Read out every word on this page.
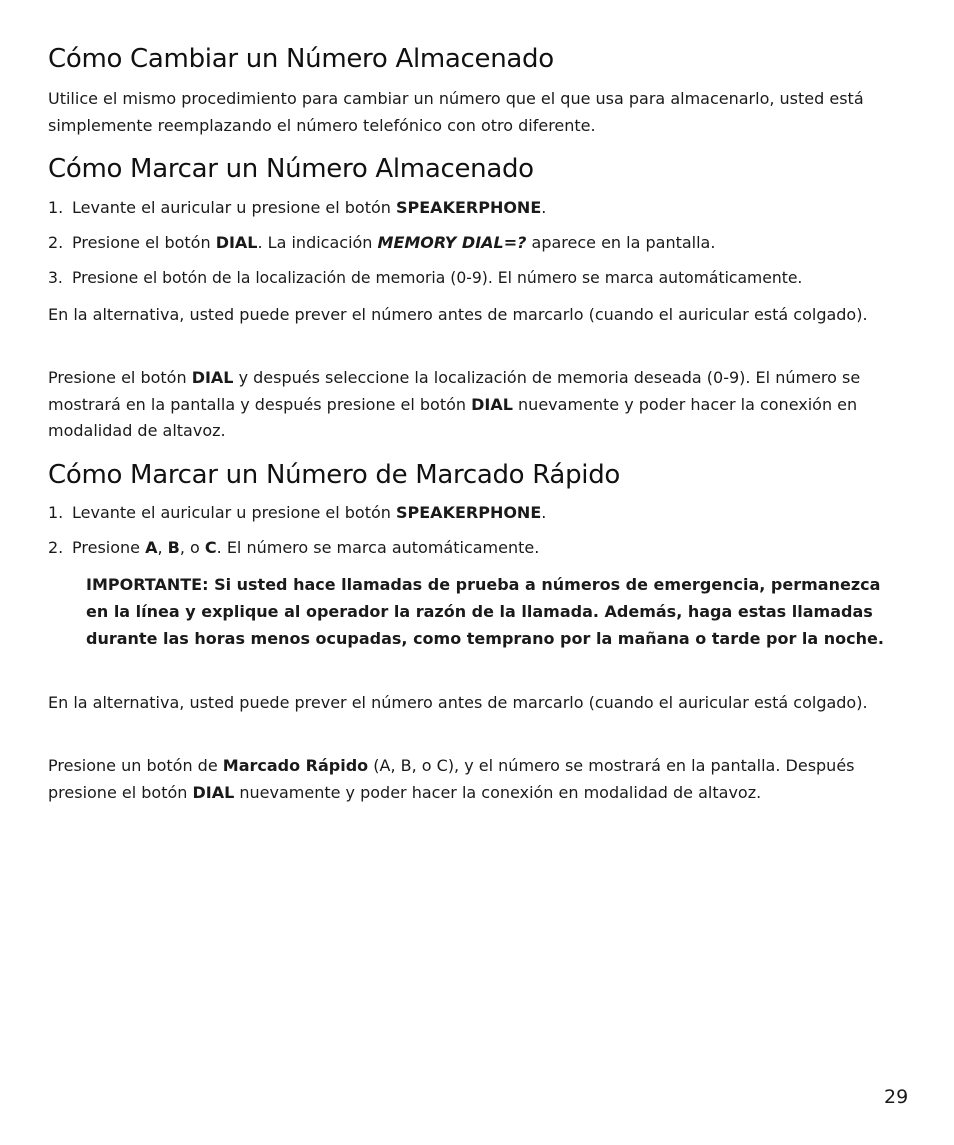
Cómo Cambiar un Número Almacenado

Utilice el mismo procedimiento para cambiar un número que el que usa para almacenarlo, usted está simplemente reemplazando el número telefónico con otro diferente.

Cómo Marcar un Número Almacenado
1. Levante el auricular u presione el botón SPEAKERPHONE.
2. Presione el botón DIAL. La indicación MEMORY DIAL=? aparece en la pantalla.
3. Presione el botón de la localización de memoria (0-9). El número se marca automáticamente.

En la alternativa, usted puede prever el número antes de marcarlo (cuando el auricular está colgado).

Presione el botón DIAL y después seleccione la localización de memoria deseada (0-9). El número se mostrará en la pantalla y después presione el botón DIAL nuevamente y poder hacer la conexión en modalidad de altavoz.

Cómo Marcar un Número de Marcado Rápido
1. Levante el auricular u presione el botón SPEAKERPHONE.
2. Presione A, B, o C. El número se marca automáticamente.

IMPORTANTE: Si usted hace llamadas de prueba a números de emergencia, permanezca en la línea y explique al operador la razón de la llamada. Además, haga estas llamadas durante las horas menos ocupadas, como temprano por la mañana o tarde por la noche.

En la alternativa, usted puede prever el número antes de marcarlo (cuando el auricular está colgado).

Presione un botón de Marcado Rápido (A, B, o C), y el número se mostrará en la pantalla. Después presione el botón DIAL nuevamente y poder hacer la conexión en modalidad de altavoz.

29
